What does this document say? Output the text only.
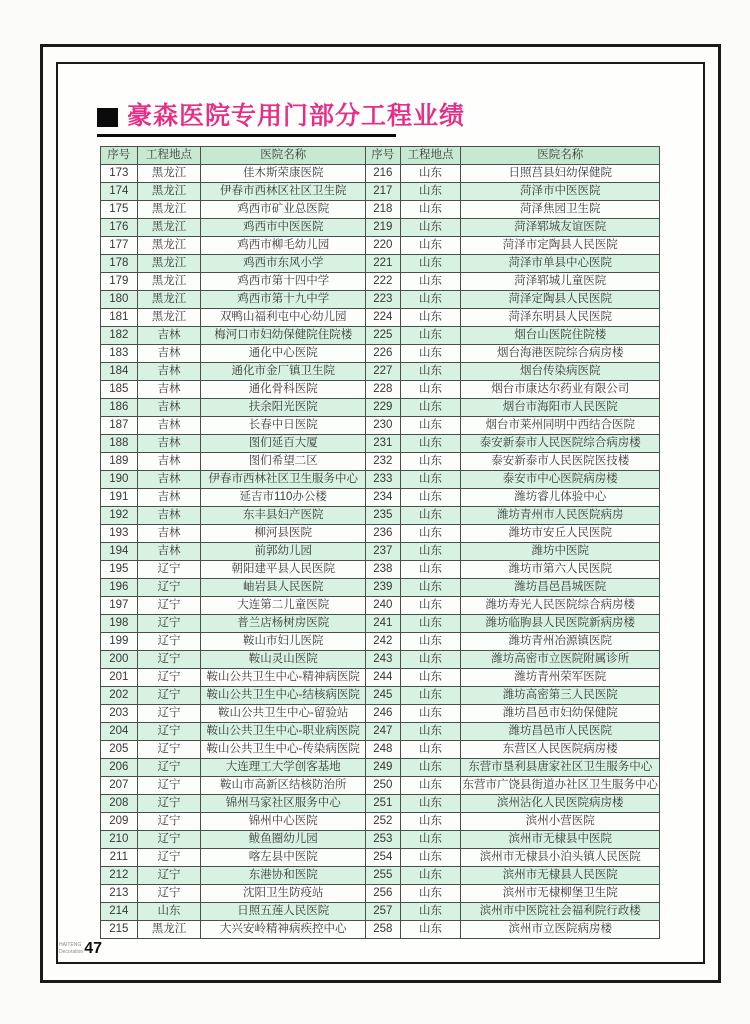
豪森医院专用门部分工程业绩
序号	工程地点	医院名称
173	黑龙江	佳木斯荣康医院
174	黑龙江	伊春市西林区社区卫生院
175	黑龙江	鸡西市矿业总医院
176	黑龙江	鸡西市中医医院
177	黑龙江	鸡西市柳毛幼儿园
178	黑龙江	鸡西市东风小学
179	黑龙江	鸡西市第十四中学
180	黑龙江	鸡西市第十九中学
181	黑龙江	双鸭山福利屯中心幼儿园
182	吉林	梅河口市妇幼保健院住院楼
183	吉林	通化中心医院
184	吉林	通化市金厂镇卫生院
185	吉林	通化骨科医院
186	吉林	扶余阳光医院
187	吉林	长春中日医院
188	吉林	图们延百大厦
189	吉林	图们希望二区
190	吉林	伊春市西林社区卫生服务中心
191	吉林	延吉市110办公楼
192	吉林	东丰县妇产医院
193	吉林	柳河县医院
194	吉林	前郭幼儿园
195	辽宁	朝阳建平县人民医院
196	辽宁	岫岩县人民医院
197	辽宁	大连第二儿童医院
198	辽宁	普兰店杨树房医院
199	辽宁	鞍山市妇儿医院
200	辽宁	鞍山灵山医院
201	辽宁	鞍山公共卫生中心-精神病医院
202	辽宁	鞍山公共卫生中心-结核病医院
203	辽宁	鞍山公共卫生中心-留验站
204	辽宁	鞍山公共卫生中心-职业病医院
205	辽宁	鞍山公共卫生中心-传染病医院
206	辽宁	大连理工大学创客基地
207	辽宁	鞍山市高新区结核防治所
208	辽宁	锦州马家社区服务中心
209	辽宁	锦州中心医院
210	辽宁	鲅鱼圈幼儿园
211	辽宁	喀左县中医院
212	辽宁	东港协和医院
213	辽宁	沈阳卫生防疫站
214	山东	日照五莲人民医院
215	黑龙江	大兴安岭精神病疾控中心
序号	工程地点	医院名称
216	山东	日照莒县妇幼保健院
217	山东	菏泽市中医医院
218	山东	菏泽焦园卫生院
219	山东	菏泽郓城友谊医院
220	山东	菏泽市定陶县人民医院
221	山东	菏泽市单县中心医院
222	山东	菏泽郓城儿童医院
223	山东	菏泽定陶县人民医院
224	山东	菏泽东明县人民医院
225	山东	烟台山医院住院楼
226	山东	烟台海港医院综合病房楼
227	山东	烟台传染病医院
228	山东	烟台市康达尔药业有限公司
229	山东	烟台市海阳市人民医院
230	山东	烟台市莱州同明中西结合医院
231	山东	泰安新泰市人民医院综合病房楼
232	山东	泰安新泰市人民医院医技楼
233	山东	泰安市中心医院病房楼
234	山东	潍坊睿儿体验中心
235	山东	潍坊青州市人民医院病房
236	山东	潍坊市安丘人民医院
237	山东	潍坊中医院
238	山东	潍坊市第六人民医院
239	山东	潍坊昌邑昌城医院
240	山东	潍坊寿光人民医院综合病房楼
241	山东	潍坊临朐县人民医院新病房楼
242	山东	潍坊青州冶源镇医院
243	山东	潍坊高密市立医院附属诊所
244	山东	潍坊青州荣军医院
245	山东	潍坊高密第三人民医院
246	山东	潍坊昌邑市妇幼保健院
247	山东	潍坊昌邑市人民医院
248	山东	东营区人民医院病房楼
249	山东	东营市垦利县唐家社区卫生服务中心
250	山东	东营市广饶县街道办社区卫生服务中心
251	山东	滨州沾化人民医院病房楼
252	山东	滨州小营医院
253	山东	滨州市无棣县中医院
254	山东	滨州市无棣县小泊头镇人民医院
255	山东	滨州市无棣县人民医院
256	山东	滨州市无棣柳堡卫生院
257	山东	滨州市中医院社会福利院行政楼
258	山东	滨州市立医院病房楼
HAITENG
Decoration 47
